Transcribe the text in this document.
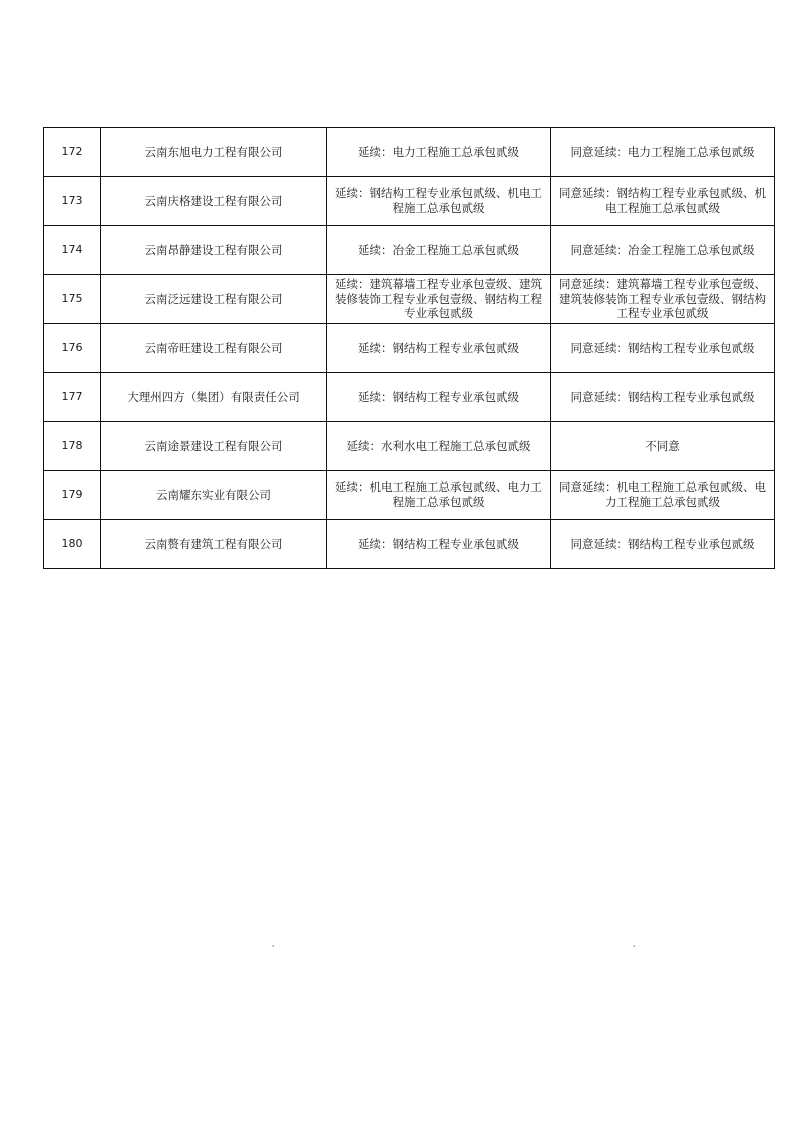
172	云南东旭电力工程有限公司	延续：电力工程施工总承包贰级	同意延续：电力工程施工总承包贰级
173	云南庆格建设工程有限公司	延续：钢结构工程专业承包贰级、机电工程施工总承包贰级	同意延续：钢结构工程专业承包贰级、机电工程施工总承包贰级
174	云南昂静建设工程有限公司	延续：冶金工程施工总承包贰级	同意延续：冶金工程施工总承包贰级
175	云南泛远建设工程有限公司	延续：建筑幕墙工程专业承包壹级、建筑装修装饰工程专业承包壹级、钢结构工程专业承包贰级	同意延续：建筑幕墙工程专业承包壹级、建筑装修装饰工程专业承包壹级、钢结构工程专业承包贰级
176	云南帝旺建设工程有限公司	延续：钢结构工程专业承包贰级	同意延续：钢结构工程专业承包贰级
177	大理州四方（集团）有限责任公司	延续：钢结构工程专业承包贰级	同意延续：钢结构工程专业承包贰级
178	云南途景建设工程有限公司	延续：水利水电工程施工总承包贰级	不同意
179	云南耀东实业有限公司	延续：机电工程施工总承包贰级、电力工程施工总承包贰级	同意延续：机电工程施工总承包贰级、电力工程施工总承包贰级
180	云南赘有建筑工程有限公司	延续：钢结构工程专业承包贰级	同意延续：钢结构工程专业承包贰级
'	'
